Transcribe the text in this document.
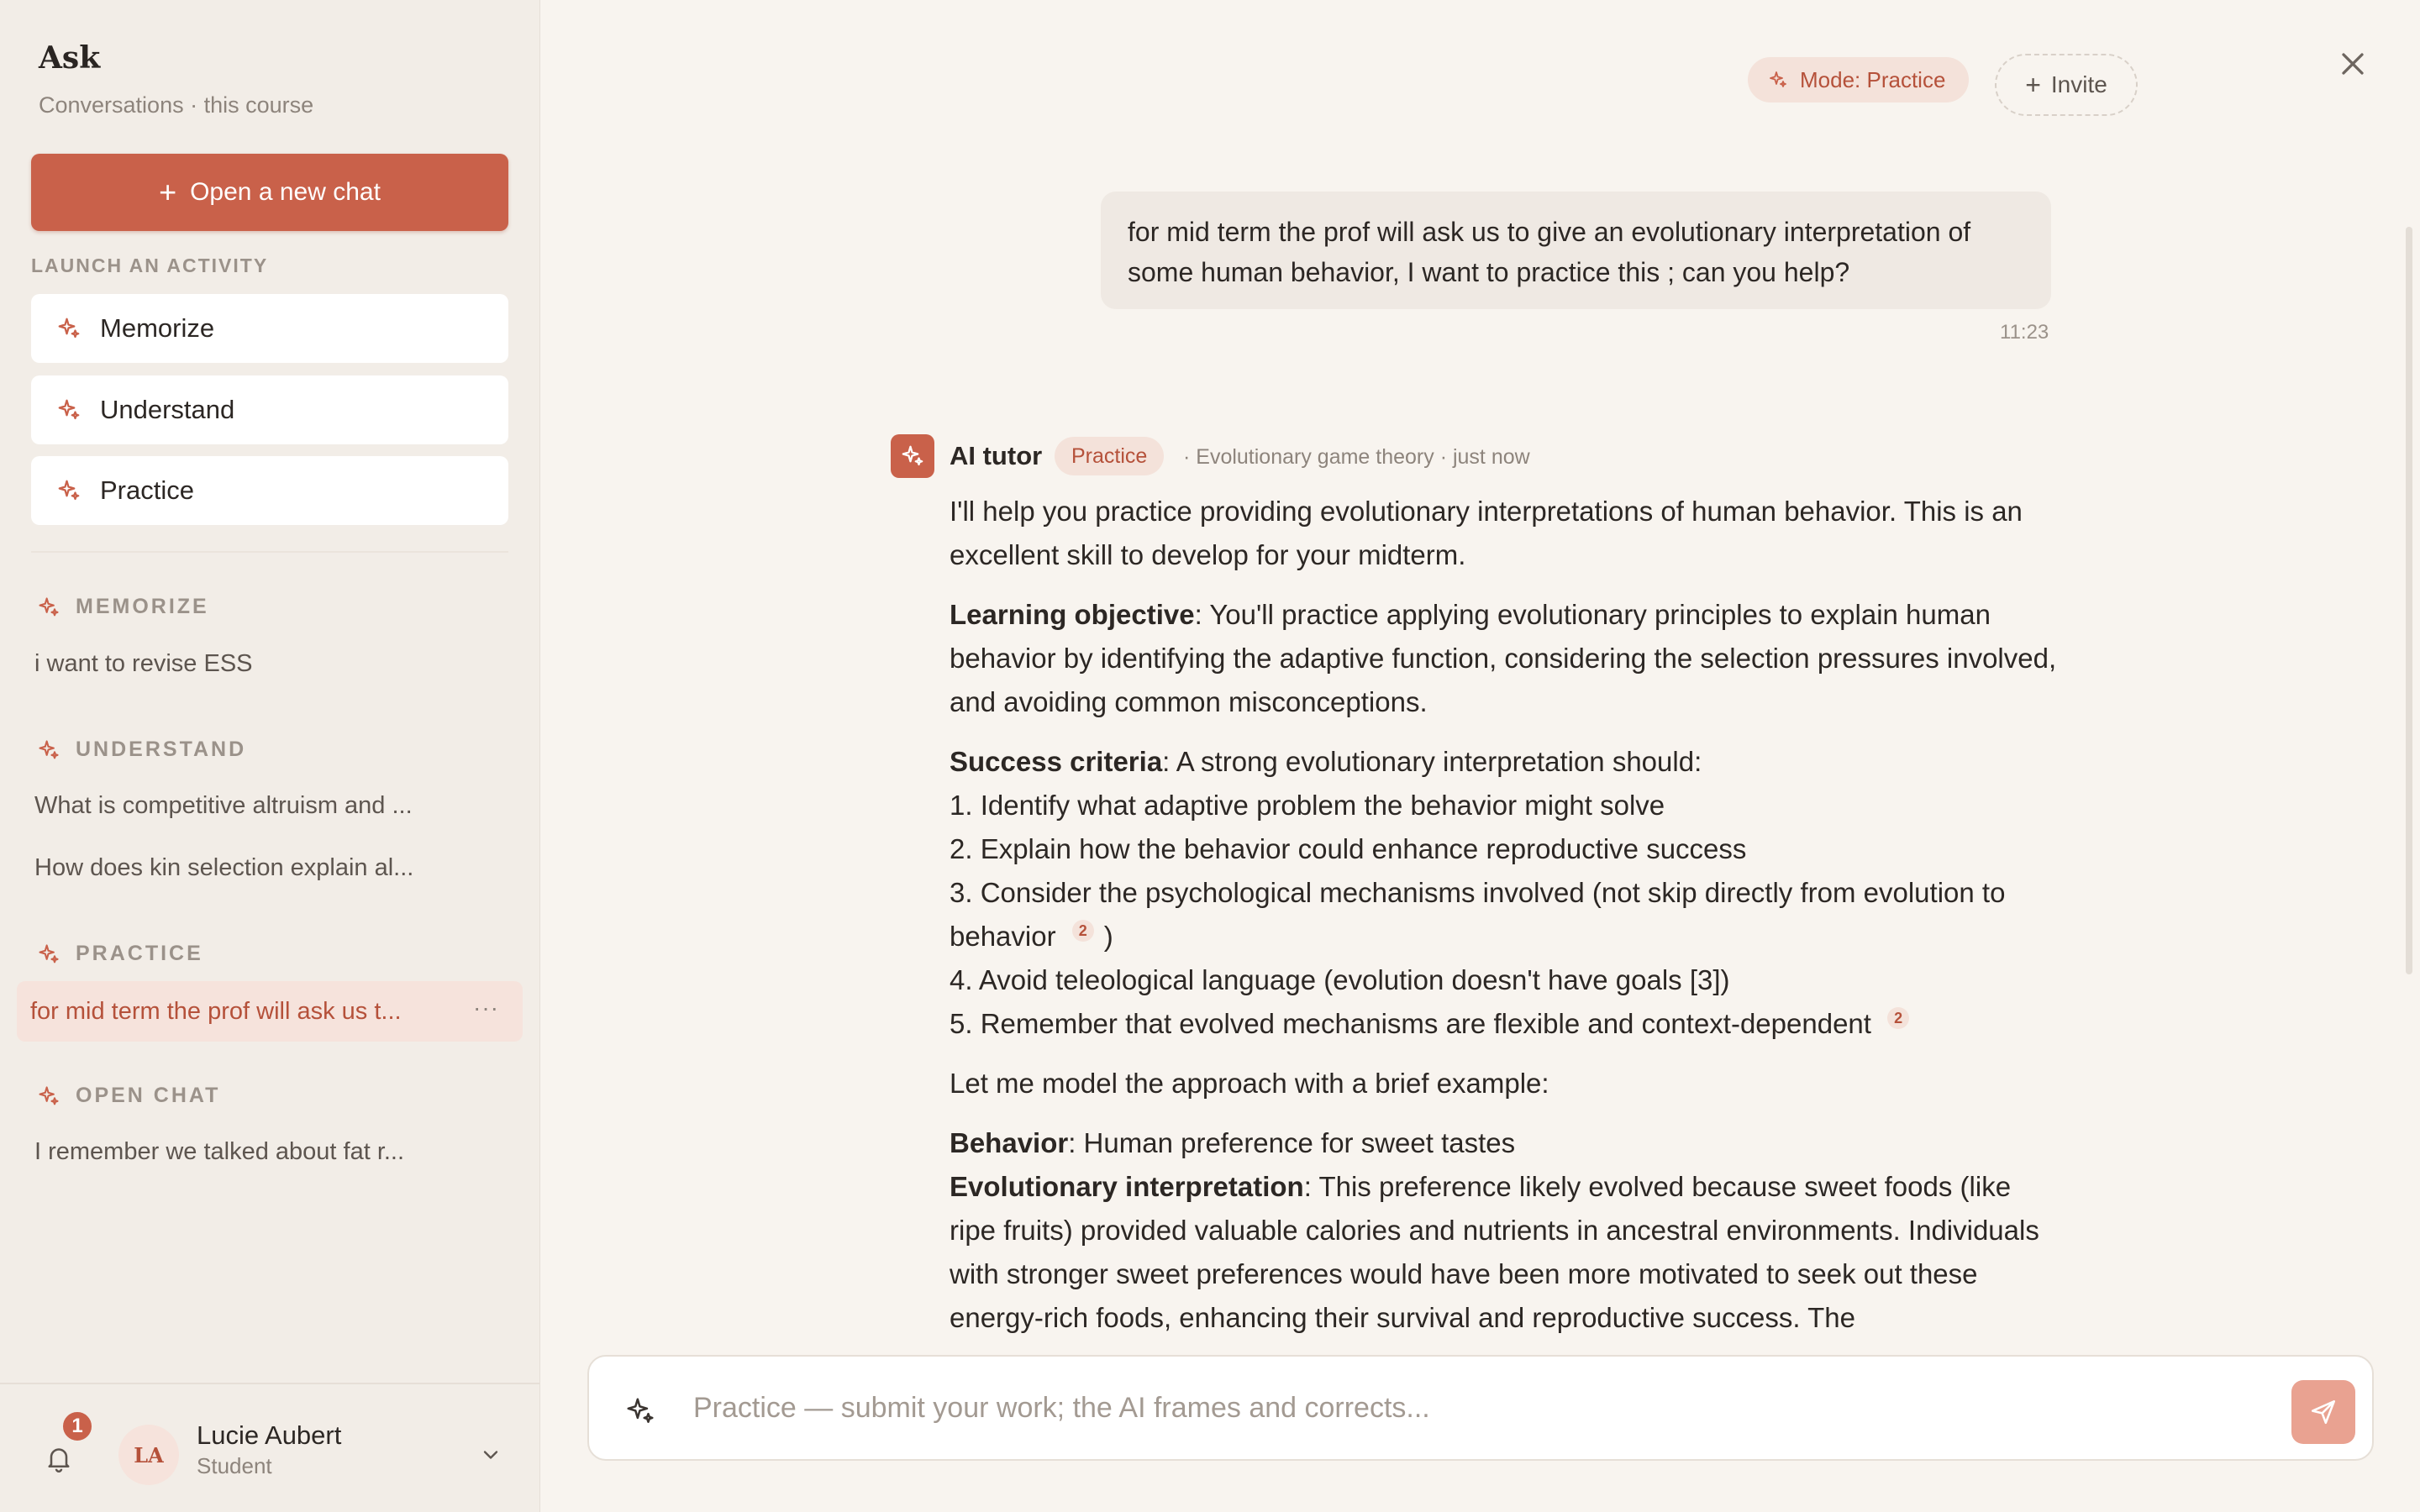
Ask
Conversations · this course
+ Open a new chat
LAUNCH AN ACTIVITY
Memorize
Understand
Practice
MEMORIZE
i want to revise ESS
UNDERSTAND
What is competitive altruism and ...
How does kin selection explain al...
PRACTICE
for mid term the prof will ask us t...	···
OPEN CHAT
I remember we talked about fat r...
1
LA
Lucie Aubert
Student
Mode: Practice	+ Invite
for mid term the prof will ask us to give an evolutionary interpretation of some human behavior, I want to practice this ; can you help?
11:23
AI tutor	Practice	· Evolutionary game theory · just now

I'll help you practice providing evolutionary interpretations of human behavior. This is an excellent skill to develop for your midterm.

Learning objective: You'll practice applying evolutionary principles to explain human behavior by identifying the adaptive function, considering the selection pressures involved, and avoiding common misconceptions.

Success criteria: A strong evolutionary interpretation should:
1. Identify what adaptive problem the behavior might solve
2. Explain how the behavior could enhance reproductive success
3. Consider the psychological mechanisms involved (not skip directly from evolution to behavior 2 )
4. Avoid teleological language (evolution doesn't have goals [3])
5. Remember that evolved mechanisms are flexible and context-dependent 2

Let me model the approach with a brief example:

Behavior: Human preference for sweet tastes
Evolutionary interpretation: This preference likely evolved because sweet foods (like ripe fruits) provided valuable calories and nutrients in ancestral environments. Individuals with stronger sweet preferences would have been more motivated to seek out these energy-rich foods, enhancing their survival and reproductive success. The
Practice — submit your work; the AI frames and corrects...
